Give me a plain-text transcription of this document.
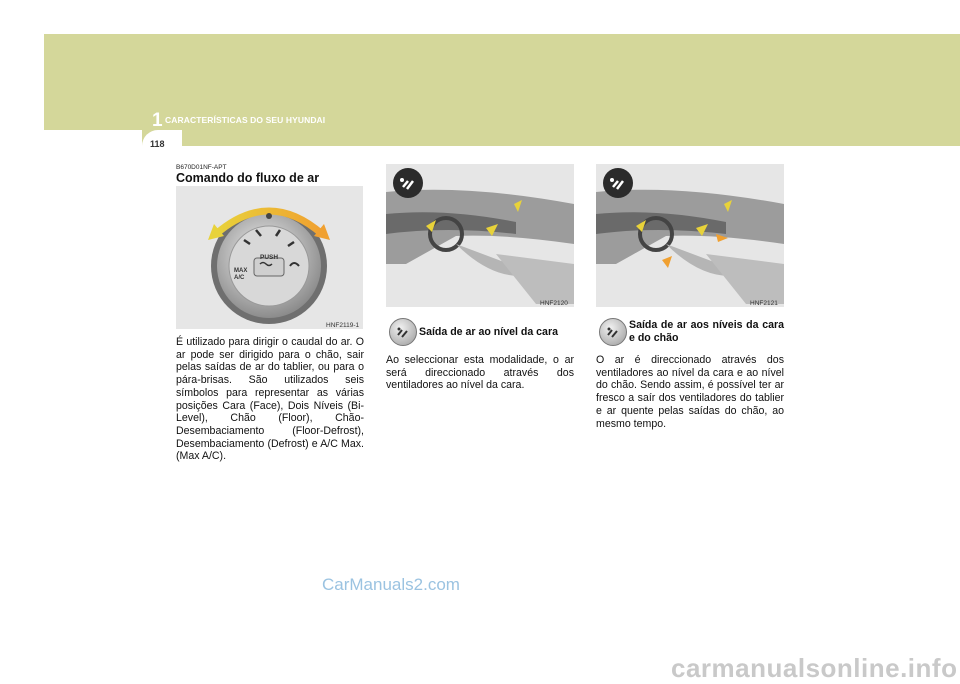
1 CARACTERÍSTICAS DO SEU HYUNDAI
118
B670D01NF-APT
Comando do fluxo de ar
PUSH
MAX
A/C
HNF2119-1
É utilizado para dirigir o caudal do ar. O ar pode ser dirigido para o chão, sair pelas saídas de ar do tablier, ou para o pára-brisas. São utilizados seis símbolos para representar as várias posições Cara (Face), Dois Níveis (Bi-Level), Chão (Floor), Chão-Desembaciamento (Floor-Defrost), Desembaciamento (Defrost) e A/C Max. (Max A/C).
HNF2120
Saída de ar ao nível da cara
Ao seleccionar esta modalidade, o ar será direccionado através dos ventiladores ao nível da cara.
HNF2121
Saída de ar aos níveis da cara e do chão
O ar é direccionado através dos ventiladores ao nível da cara e ao nível do chão. Sendo assim, é possível ter ar fresco a saír dos ventiladores do tablier e ar quente pelas saídas do chão, ao mesmo tempo.
CarManuals2.com
carmanualsonline.info
